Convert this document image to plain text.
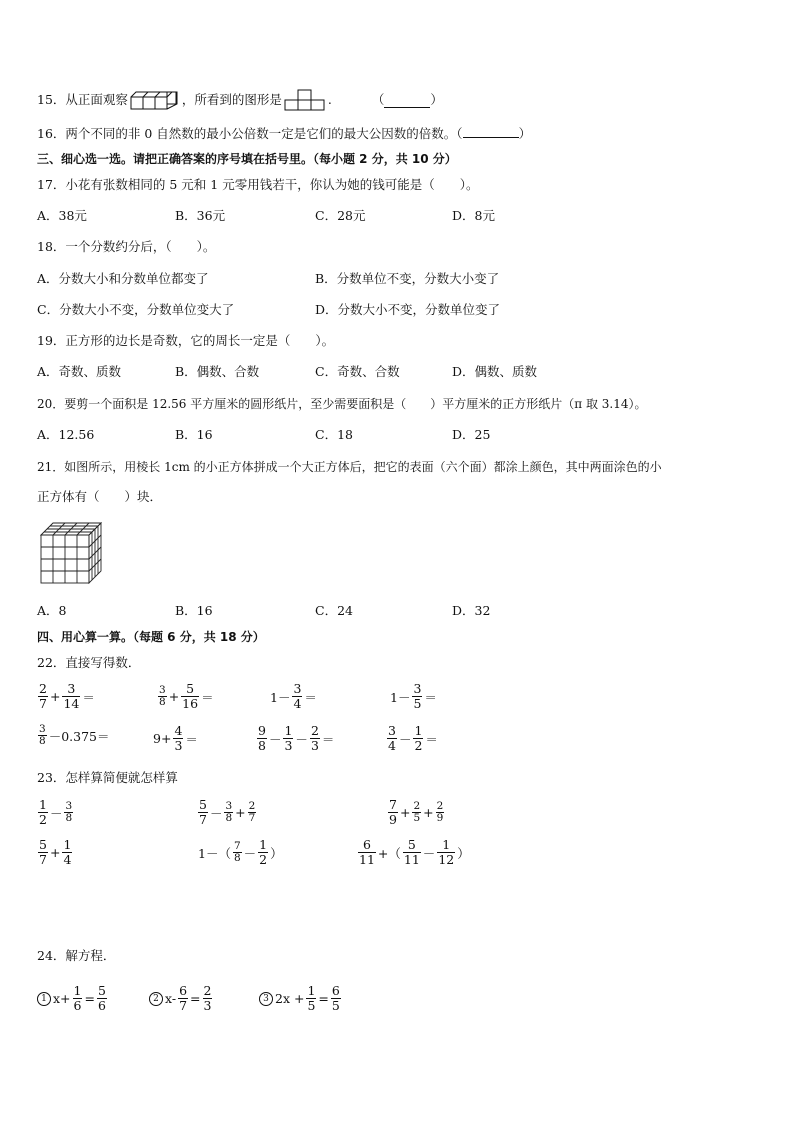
15．从正面观察	，所看到的图形是	.	（	）
16．两个不同的非 0 自然数的最小公倍数一定是它们的最大公因数的倍数。（	）
三、细心选一选。请把正确答案的序号填在括号里。（每小题 2 分，共 10 分）
17．小花有张数相同的 5 元和 1 元零用钱若干，你认为她的钱可能是（　　）。
A．38元	B．36元	C．28元	D．8元
18．一个分数约分后，（　　）。
A．分数大小和分数单位都变了	B．分数单位不变，分数大小变了
C．分数大小不变，分数单位变大了	D．分数大小不变，分数单位变了
19．正方形的边长是奇数，它的周长一定是（　　）。
A．奇数、质数	B．偶数、合数	C．奇数、合数	D．偶数、质数
20．要剪一个面积是 12.56 平方厘米的圆形纸片，至少需要面积是（　　）平方厘米的正方形纸片（π 取 3.14）。
A．12.56	B．16	C．18	D．25
21．如图所示，用棱长 1cm 的小正方体拼成一个大正方体后，把它的表面（六个面）都涂上颜色，其中两面涂色的小
正方体有（　　）块．
A．8	B．16	C．24	D．32
四、用心算一算。（每题 6 分，共 18 分）
22．直接写得数．
$\frac{2}{7} + \frac{3}{14}$ ＝	$\frac{3}{8} + \frac{5}{16}$ ＝	$1- \frac{3}{4}$ ＝	$1- \frac{3}{5}$ ＝
$\frac{3}{8} -0.375=$	$9+ \frac{4}{3}$ ＝	$\frac{9}{8} - \frac{1}{3} - \frac{2}{3}$ ＝	$\frac{3}{4} - \frac{1}{2}$ ＝
23．怎样算简便就怎样算
$\frac{1}{2} - \frac{3}{8}$	$\frac{5}{7} - \frac{3}{8} + \frac{2}{7}$	$\frac{7}{9} + \frac{2}{5} + \frac{2}{9}$
$\frac{5}{7} + \frac{1}{4}$	$1-( \frac{7}{8} - \frac{1}{2}$ ）	$\frac{6}{11}$ +（ $\frac{5}{11} - \frac{1}{12}$ ）
24．解方程．
1 $x+ \frac{1}{6} = \frac{5}{6}$	2 $x- \frac{6}{7} = \frac{2}{3}$	3 $2x + \frac{1}{5} = \frac{6}{5}$
